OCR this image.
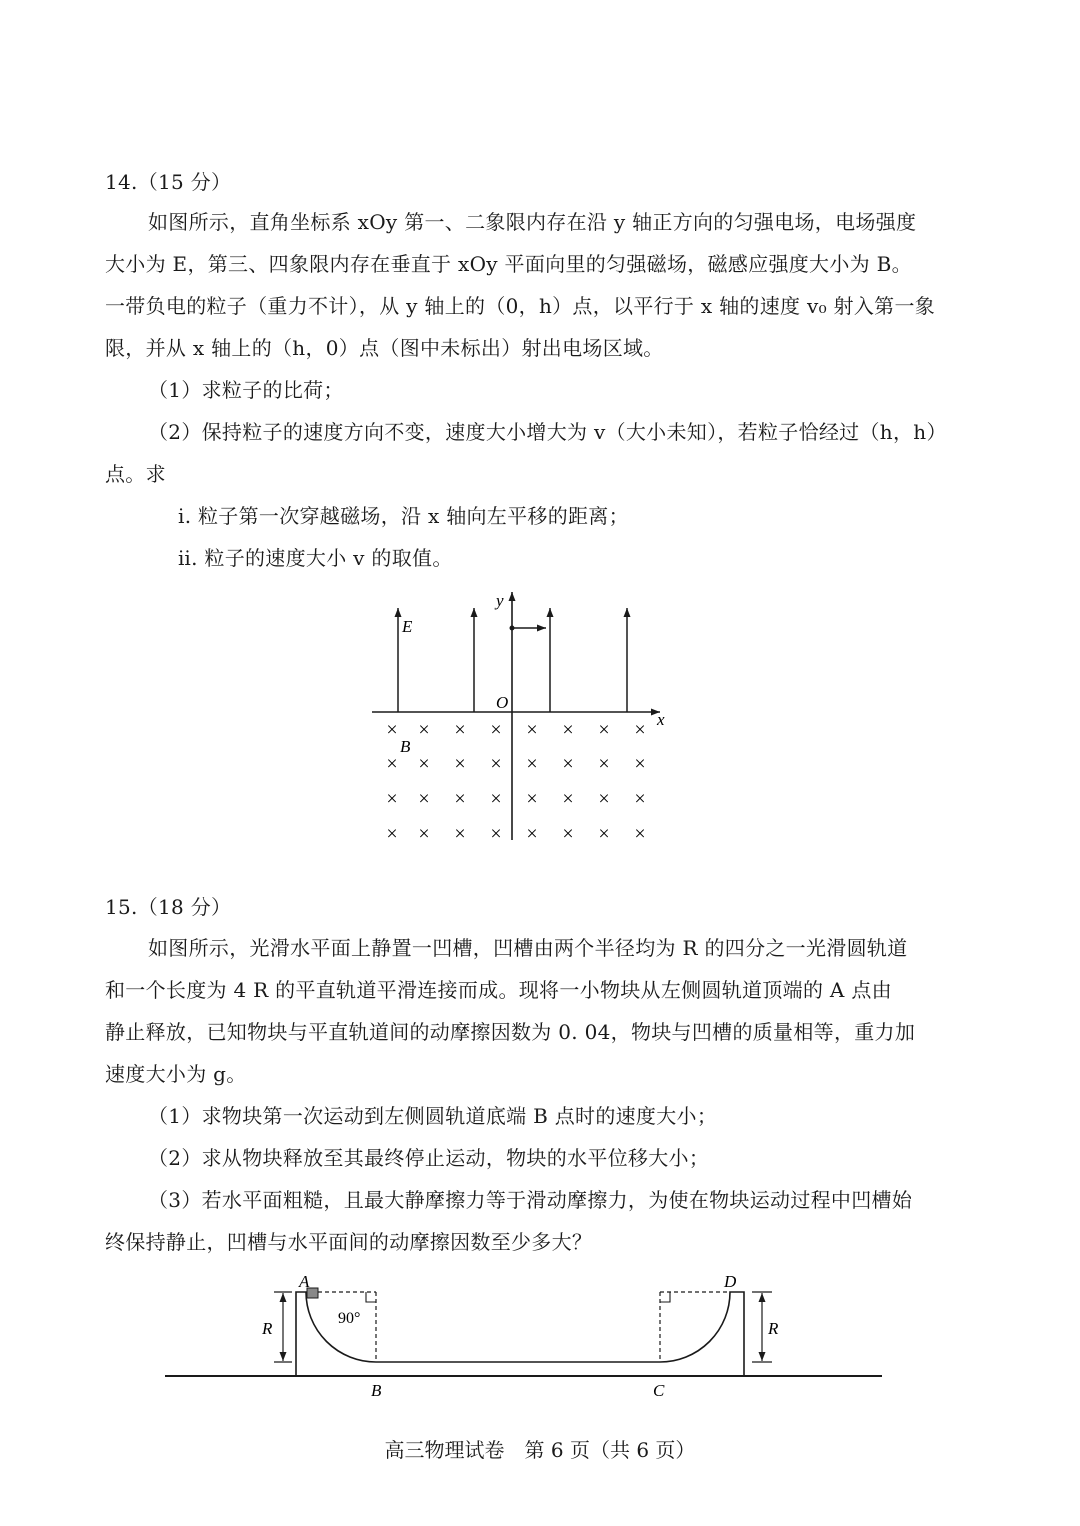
14.（15 分）
如图所示，直角坐标系 xOy 第一、二象限内存在沿 y 轴正方向的匀强电场，电场强度
大小为 E，第三、四象限内存在垂直于 xOy 平面向里的匀强磁场，磁感应强度大小为 B。
一带负电的粒子（重力不计），从 y 轴上的（0，h）点，以平行于 x 轴的速度 v₀ 射入第一象
限，并从 x 轴上的（h，0）点（图中未标出）射出电场区域。
（1）求粒子的比荷；
（2）保持粒子的速度方向不变，速度大小增大为 v（大小未知），若粒子恰经过（h，h）
点。求
ⅰ. 粒子第一次穿越磁场，沿 x 轴向左平移的距离；
ⅱ. 粒子的速度大小 v 的取值。
y
x
O
E
B
× × × × × × × ×
× × × × × × × ×
× × × × × × × ×
× × × × × × × ×
15.（18 分）
如图所示，光滑水平面上静置一凹槽，凹槽由两个半径均为 R 的四分之一光滑圆轨道
和一个长度为 4 R 的平直轨道平滑连接而成。现将一小物块从左侧圆轨道顶端的 A 点由
静止释放，已知物块与平直轨道间的动摩擦因数为 0. 04，物块与凹槽的质量相等，重力加
速度大小为 g。
（1）求物块第一次运动到左侧圆轨道底端 B 点时的速度大小；
（2）求从物块释放至其最终停止运动，物块的水平位移大小；
（3）若水平面粗糙，且最大静摩擦力等于滑动摩擦力，为使在物块运动过程中凹槽始
终保持静止，凹槽与水平面间的动摩擦因数至少多大？
A	D
B	C
R	R
90°
高三物理试卷　第 6 页（共 6 页）
